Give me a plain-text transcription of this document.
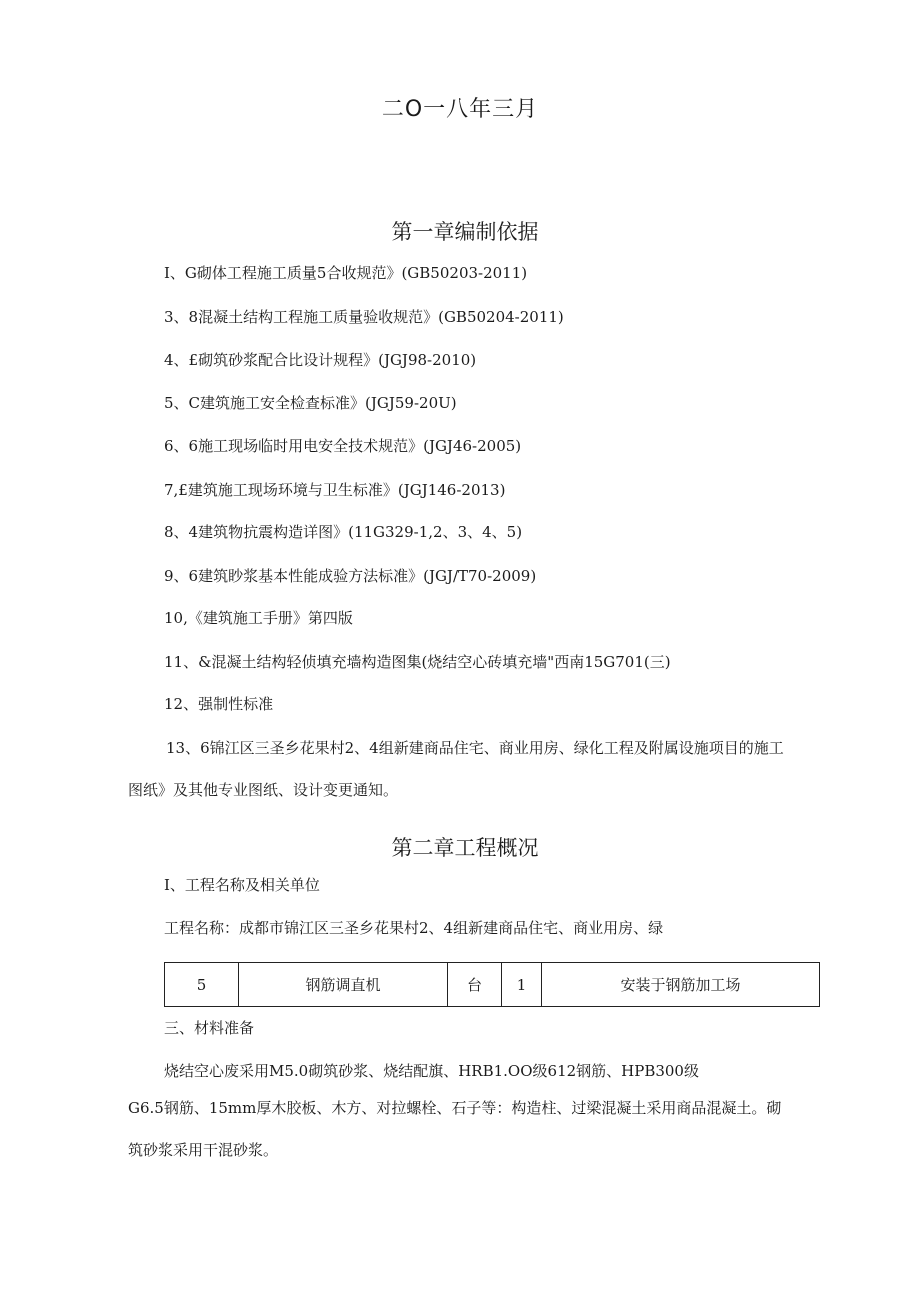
二O一八年三月
第一章编制依据
I、G砌体工程施工质量5合收规范》(GB50203-2011)
3、8混凝土结构工程施工质量验收规范》(GB50204-2011)
4、£砌筑砂浆配合比设计规程》(JGJ98-2010)
5、C建筑施工安全检查标准》(JGJ59-20U)
6、6施工现场临时用电安全技术规范》(JGJ46-2005)
7,£建筑施工现场环境与卫生标准》(JGJ146-2013)
8、4建筑物抗震构造详图》(11G329-1,2、3、4、5)
9、6建筑眇浆基本性能成验方法标准》(JGJ/T70-2009)
10,《建筑施工手册》第四版
11、&混凝土结构轻侦填充墙构造图集(烧结空心砖填充墙"西南15G701(三)
12、强制性标准
13、6锦江区三圣乡花果村2、4组新建商品住宅、商业用房、绿化工程及附属设施项目的施工
图纸》及其他专业图纸、设计变更通知。
第二章工程概况
I、工程名称及相关单位
工程名称：成都市锦江区三圣乡花果村2、4组新建商品住宅、商业用房、绿
5	钢筋调直机	台	1	安装于钢筋加工场
三、材料准备
烧结空心废采用M5.0砌筑砂浆、烧结配旗、HRB1.OO级612钢筋、HPB300级
G6.5钢筋、15mm厚木胶板、木方、对拉螺栓、石子等：构造柱、过梁混凝土采用商品混凝土。砌
筑砂浆采用干混砂浆。
